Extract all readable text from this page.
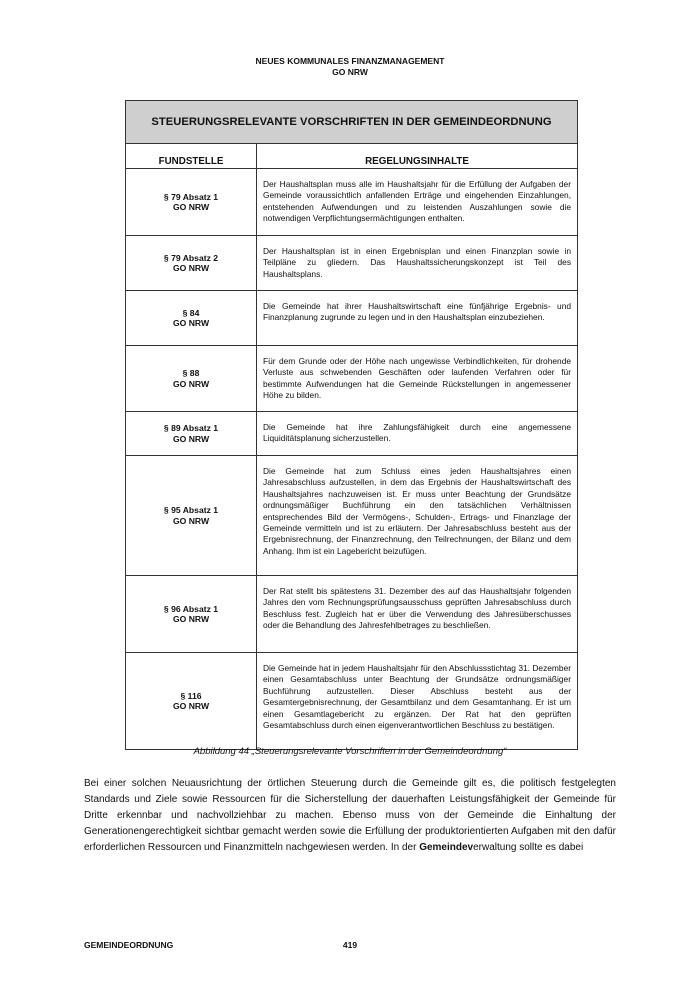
NEUES KOMMUNALES FINANZMANAGEMENT
GO NRW
STEUERUNGSRELEVANTE VORSCHRIFTEN IN DER GEMEINDEORDNUNG	
FUNDSTELLE	REGELUNGSINHALTE

§ 79 Absatz 1
GO NRW	Der Haushaltsplan muss alle im Haushaltsjahr für die Erfüllung der Aufgaben der Gemeinde voraussichtlich anfallenden Erträge und eingehenden Einzahlungen, entstehenden Aufwendungen und zu leistenden Auszahlungen sowie die notwendigen Verpflichtungsermächtigungen enthalten.

§ 79 Absatz 2
GO NRW	Der Haushaltsplan ist in einen Ergebnisplan und einen Finanzplan sowie in Teilpläne zu gliedern. Das Haushaltssicherungskonzept ist Teil des Haushaltsplans.

§ 84
GO NRW	Die Gemeinde hat ihrer Haushaltswirtschaft eine fünfjährige Ergebnis- und Finanzplanung zugrunde zu legen und in den Haushaltsplan einzubeziehen.

§ 88
GO NRW	Für dem Grunde oder der Höhe nach ungewisse Verbindlichkeiten, für drohende Verluste aus schwebenden Geschäften oder laufenden Verfahren oder für bestimmte Aufwendungen hat die Gemeinde Rückstellungen in angemessener Höhe zu bilden.

§ 89 Absatz 1
GO NRW	Die Gemeinde hat ihre Zahlungsfähigkeit durch eine angemessene Liquiditätsplanung sicherzustellen.

§ 95 Absatz 1
GO NRW	Die Gemeinde hat zum Schluss eines jeden Haushaltsjahres einen Jahresabschluss aufzustellen, in dem das Ergebnis der Haushaltswirtschaft des Haushaltsjahres nachzuweisen ist. Er muss unter Beachtung der Grundsätze ordnungsmäßiger Buchführung ein den tatsächlichen Verhältnissen entsprechendes Bild der Vermögens-, Schulden-, Ertrags- und Finanzlage der Gemeinde vermitteln und ist zu erläutern. Der Jahresabschluss besteht aus der Ergebnisrechnung, der Finanzrechnung, den Teilrechnungen, der Bilanz und dem Anhang. Ihm ist ein Lagebericht beizufügen.

§ 96 Absatz 1
GO NRW	Der Rat stellt bis spätestens 31. Dezember des auf das Haushaltsjahr folgenden Jahres den vom Rechnungsprüfungsausschuss geprüften Jahresabschluss durch Beschluss fest. Zugleich hat er über die Verwendung des Jahresüberschusses oder die Behandlung des Jahresfehlbetrages zu beschließen.

§ 116
GO NRW	Die Gemeinde hat in jedem Haushaltsjahr für den Abschlussstichtag 31. Dezember einen Gesamtabschluss unter Beachtung der Grundsätze ordnungsmäßiger Buchführung aufzustellen. Dieser Abschluss besteht aus der Gesamtergebnisrechnung, der Gesamtbilanz und dem Gesamtanhang. Er ist um einen Gesamtlagebericht zu ergänzen. Der Rat hat den geprüften Gesamtabschluss durch einen eigenverantwortlichen Beschluss zu bestätigen.
Abbildung 44 „Steuerungsrelevante Vorschriften in der Gemeindeordnung“
Bei einer solchen Neuausrichtung der örtlichen Steuerung durch die Gemeinde gilt es, die politisch festgelegten Standards und Ziele sowie Ressourcen für die Sicherstellung der dauerhaften Leistungsfähigkeit der Gemeinde für Dritte erkennbar und nachvollziehbar zu machen. Ebenso muss von der Gemeinde die Einhaltung der Generationengerechtigkeit sichtbar gemacht werden sowie die Erfüllung der produktorientierten Aufgaben mit den dafür erforderlichen Ressourcen und Finanzmitteln nachgewiesen werden. In der Gemeindeverwaltung sollte es dabei
GEMEINDEORDNUNG	419
